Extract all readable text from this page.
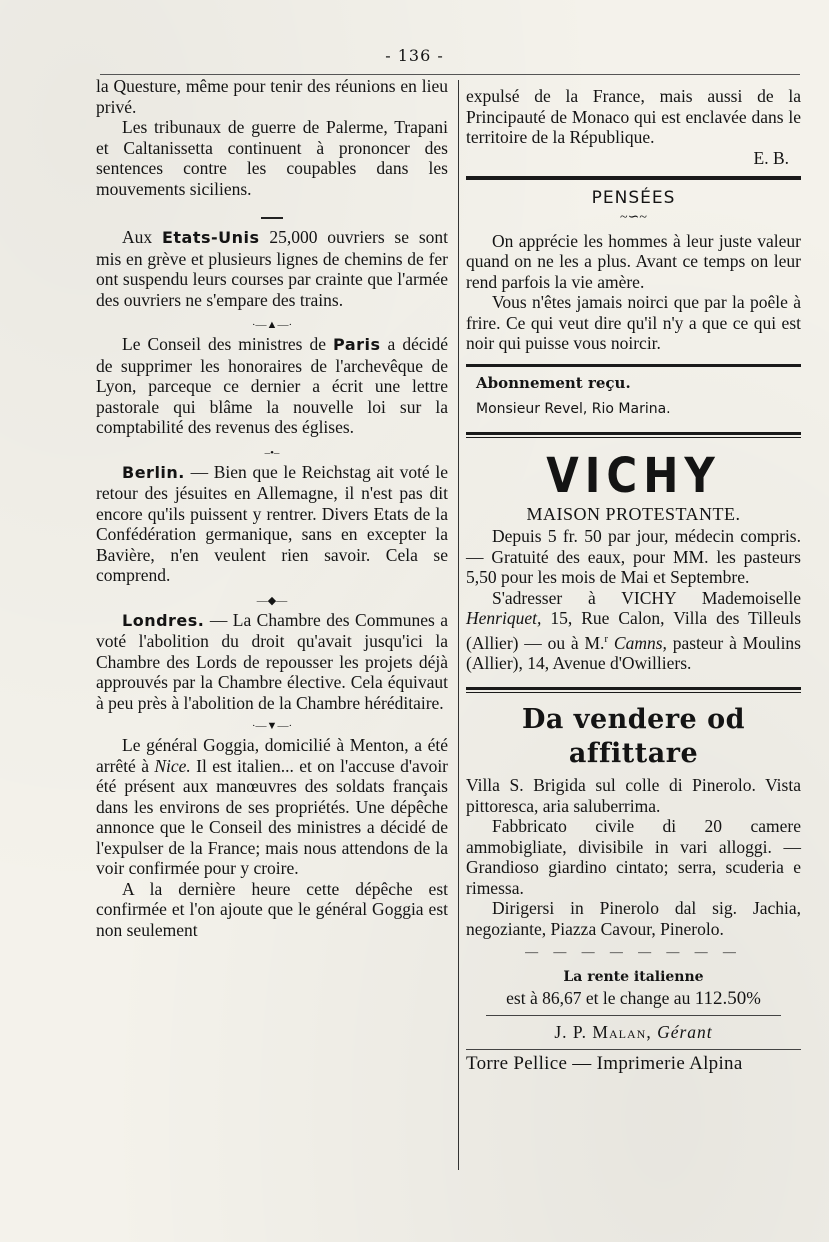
- 136 -

la Questure, même pour tenir des réunions en lieu privé.

Les tribunaux de guerre de Palerme, Trapani et Caltanissetta continuent à prononcer des sentences contre les coupables dans les mouvements siciliens.

Aux Etats-Unis 25,000 ouvriers se sont mis en grève et plusieurs lignes de chemins de fer ont suspendu leurs courses par crainte que l'armée des ouvriers ne s'empare des trains.

·—▲—·

Le Conseil des ministres de Paris a décidé de supprimer les honoraires de l'archevêque de Lyon, parceque ce dernier a écrit une lettre pastorale qui blâme la nouvelle loi sur la comptabilité des revenus des églises.

–•–

Berlin. — Bien que le Reichstag ait voté le retour des jésuites en Allemagne, il n'est pas dit encore qu'ils puissent y rentrer. Divers Etats de la Confédération germanique, sans en excepter la Bavière, n'en veulent rien savoir. Cela se comprend.

—◆—

Londres. — La Chambre des Communes a voté l'abolition du droit qu'avait jusqu'ici la Chambre des Lords de repousser les projets déjà approuvés par la Chambre élective. Cela équivaut à peu près à l'abolition de la Chambre héréditaire.

·—▼—·

Le général Goggia, domicilié à Menton, a été arrêté à Nice. Il est italien... et on l'accuse d'avoir été présent aux manœuvres des soldats français dans les environs de ses propriétés. Une dépêche annonce que le Conseil des ministres a décidé de l'expulser de la France; mais nous attendons de la voir confirmée pour y croire.

A la dernière heure cette dépêche est confirmée et l'on ajoute que le général Goggia est non seulement

expulsé de la France, mais aussi de la Principauté de Monaco qui est enclavée dans le territoire de la République.

E. B.
PENSÉES
~∽~

On apprécie les hommes à leur juste valeur quand on ne les a plus. Avant ce temps on leur rend parfois la vie amère.

Vous n'êtes jamais noirci que par la poêle à frire. Ce qui veut dire qu'il n'y a que ce qui est noir qui puisse vous noircir.

Abonnement reçu.
Monsieur Revel, Rio Marina.
VICHY
MAISON PROTESTANTE.

Depuis 5 fr. 50 par jour, médecin compris. — Gratuité des eaux, pour MM. les pasteurs 5,50 pour les mois de Mai et Septembre.

S'adresser à VICHY Mademoiselle Henriquet, 15, Rue Calon, Villa des Tilleuls (Allier) — ou à M.$^r$ Camns, pasteur à Moulins (Allier), 14, Avenue d'Owilliers.

Da vendere od affittare

Villa S. Brigida sul colle di Pinerolo. Vista pittoresca, aria saluberrima.

Fabbricato civile di 20 camere ammobigliate, divisibile in vari alloggi. — Grandioso giardino cintato; serra, scuderia e rimessa.

Dirigersi in Pinerolo dal sig. Jachia, negoziante, Piazza Cavour, Pinerolo.

— — — — — — — —
La rente italienne
est à 86,67 et le change au 112.50%
J. P. Malan, Gérant

Torre Pellice — Imprimerie Alpina
